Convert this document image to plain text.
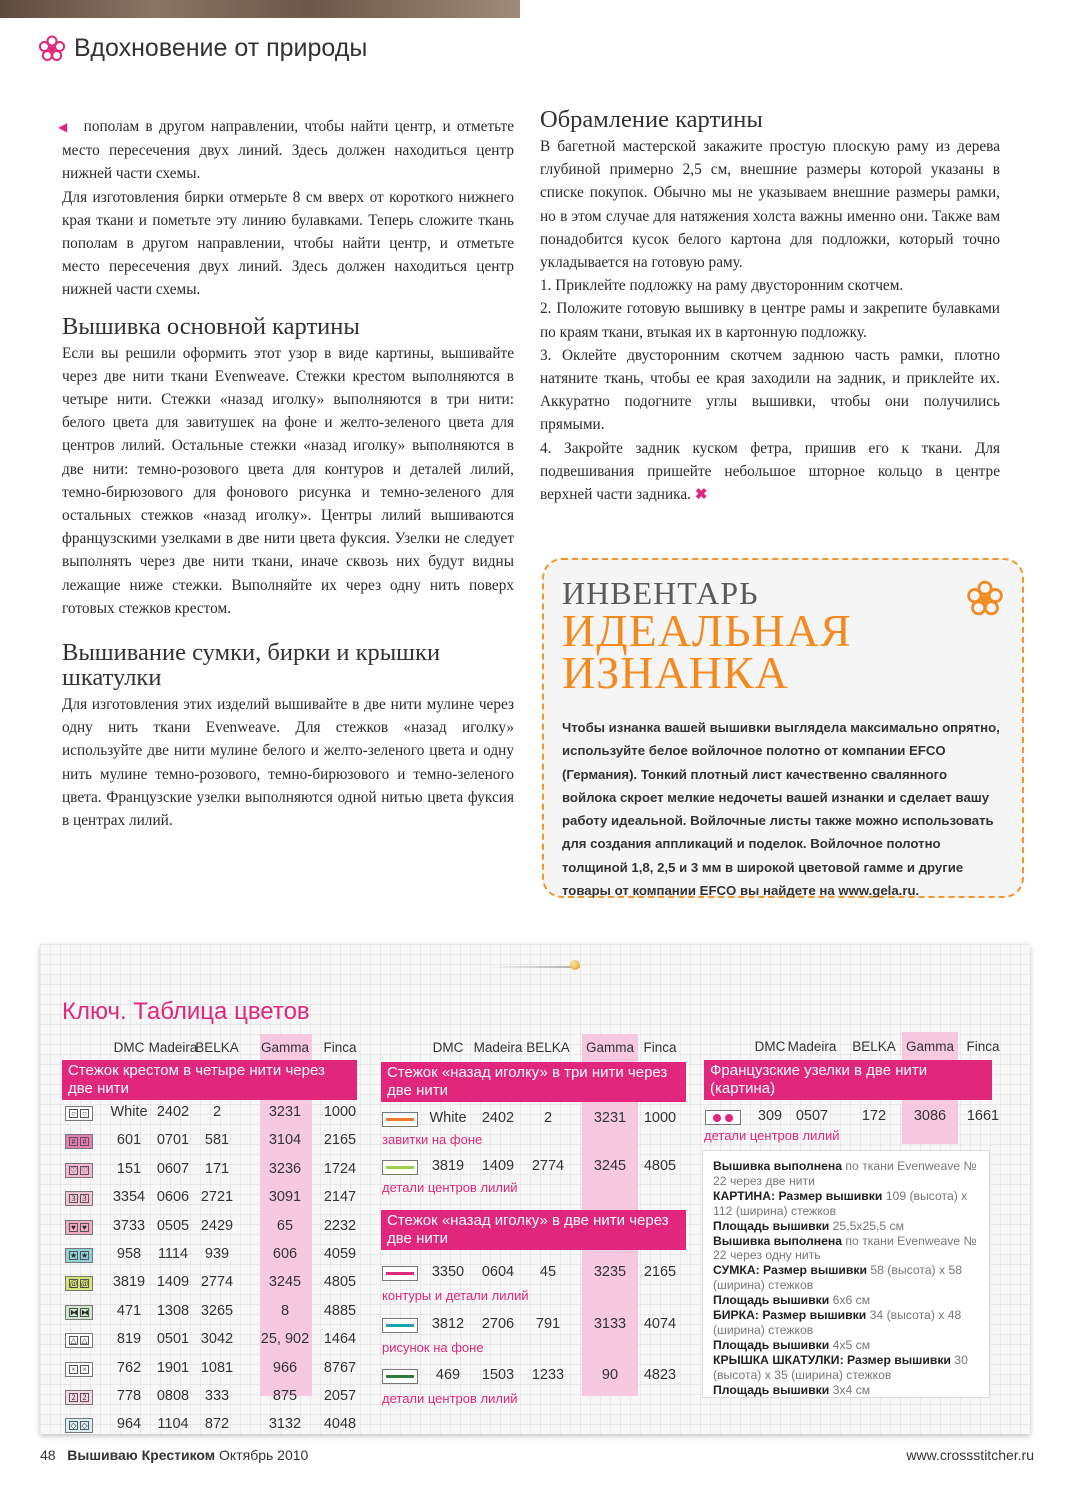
Вдохновение от природы

◀ пополам в другом направлении, чтобы найти центр, и отметьте место пересечения двух линий. Здесь должен находиться центр нижней части схемы.

Для изготовления бирки отмерьте 8 см вверх от короткого нижнего края ткани и пометьте эту линию булавками. Теперь сложите ткань пополам в другом направлении, чтобы найти центр, и отметьте место пересечения двух линий. Здесь должен находиться центр нижней части схемы.

Вышивка основной картины

Если вы решили оформить этот узор в виде картины, вышивайте через две нити ткани Evenweave. Стежки крестом выполняются в четыре нити. Стежки «назад иголку» выполняются в три нити: белого цвета для завитушек на фоне и желто-зеленого цвета для центров лилий. Остальные стежки «назад иголку» выполняются в две нити: темно-розового цвета для контуров и деталей лилий, темно-бирюзового для фонового рисунка и темно-зеленого для остальных стежков «назад иголку». Центры лилий вышиваются французскими узелками в две нити цвета фуксия. Узелки не следует выполнять через две нити ткани, иначе сквозь них будут видны лежащие ниже стежки. Выполняйте их через одну нить поверх готовых стежков крестом.

Вышивание сумки, бирки и крышки шкатулки

Для изготовления этих изделий вышивайте в две нити мулине через одну нить ткани Evenweave. Для стежков «назад иголку» используйте две нити мулине белого и желто-зеленого цвета и одну нить мулине темно-розового, темно-бирюзового и темно-зеленого цвета. Французские узелки выполняются одной нитью цвета фуксия в центрах лилий.

Обрамление картины

В багетной мастерской закажите простую плоскую раму из дерева глубиной примерно 2,5 см, внешние размеры которой указаны в списке покупок. Обычно мы не указываем внешние размеры рамки, но в этом случае для натяжения холста важны именно они. Также вам понадобится кусок белого картона для подложки, который точно укладывается на готовую раму.

1. Приклейте подложку на раму двусторонним скотчем.

2. Положите готовую вышивку в центре рамы и закрепите булавками по краям ткани, втыкая их в картонную подложку.

3. Оклейте двусторонним скотчем заднюю часть рамки, плотно натяните ткань, чтобы ее края заходили на задник, и приклейте их. Аккуратно подогните углы вышивки, чтобы они получились прямыми.

4. Закройте задник куском фетра, пришив его к ткани. Для подвешивания пришейте небольшое шторное кольцо в центре верхней части задника. ✖

ИНВЕНТАРЬ
ИДЕАЛЬНАЯ
ИЗНАНКА
Чтобы изнанка вашей вышивки выглядела максимально опрятно, используйте белое войлочное полотно от компании EFCO (Германия). Тонкий плотный лист качественно свалянного войлока скроет мелкие недочеты вашей изнанки и сделает вашу работу идеальной. Войлочные листы также можно использовать для создания аппликаций и поделок. Войлочное полотно толщиной 1,8, 2,5 и 3 мм в широкой цветовой гамме и другие товары от компании EFCO вы найдете на www.gela.ru.
Ключ. Таблица цветов
Вышивка выполнена по ткани Evenweave № 22 через две нити
КАРТИНА: Размер вышивки 109 (высота) х 112 (ширина) стежков
Площадь вышивки 25,5х25,5 см
Вышивка выполнена по ткани Evenweave № 22 через одну нить
СУМКА: Размер вышивки 58 (высота) х 58 (ширина) стежков
Площадь вышивки 6х6 см
БИРКА: Размер вышивки 34 (высота) х 48 (ширина) стежков
Площадь вышивки 4х5 см
КРЫШКА ШКАТУЛКИ: Размер вышивки 30 (высота) х 35 (ширина) стежков
Площадь вышивки 3х4 см
DMC Madeira
BELKA	Gamma	Finca	DMC Madeira BELKA	Gamma Finca	DMC Madeira	BELKA Gamma Finca
Стежок крестом в четыре нити через две нити
○ ○	White 2402	2	3231	1000
# #	601	0701	581	3104	2165
♡ ♡	151	0607	171	3236	1724
3 3	3354 0606 2721	3091	2147
♥ ♥	3733 0505 2429	65	2232
★ ★	958	1114	939	606	4059
@ @	3819 1409 2774	3245	4805
⧓ ⧓	471	1308 3265	8	4885
△ △	819	0501 3042	25, 902	1464
× ×	762	1901 1081	966	8767
2 2	778	0808	333	875	2057
◇ ◇	964	1104	872	3132	4048
Стежок «назад иголку» в три нити через две нити
White	2402	2	3231	1000
завитки на фоне
3819	1409	2774	3245	4805
детали центров лилий
Стежок «назад иголку» в две нити через две нити
3350	0604	45	3235	2165
контуры и детали лилий
3812	2706	791	3133	4074
рисунок на фоне
469	1503	1233	90	4823
детали центров лилий
Французские узелки в две нити (картина)
309 0507	172	3086	1661
детали центров лилий
48 Вышиваю Крестиком Октябрь 2010	www.crossstitcher.ru
